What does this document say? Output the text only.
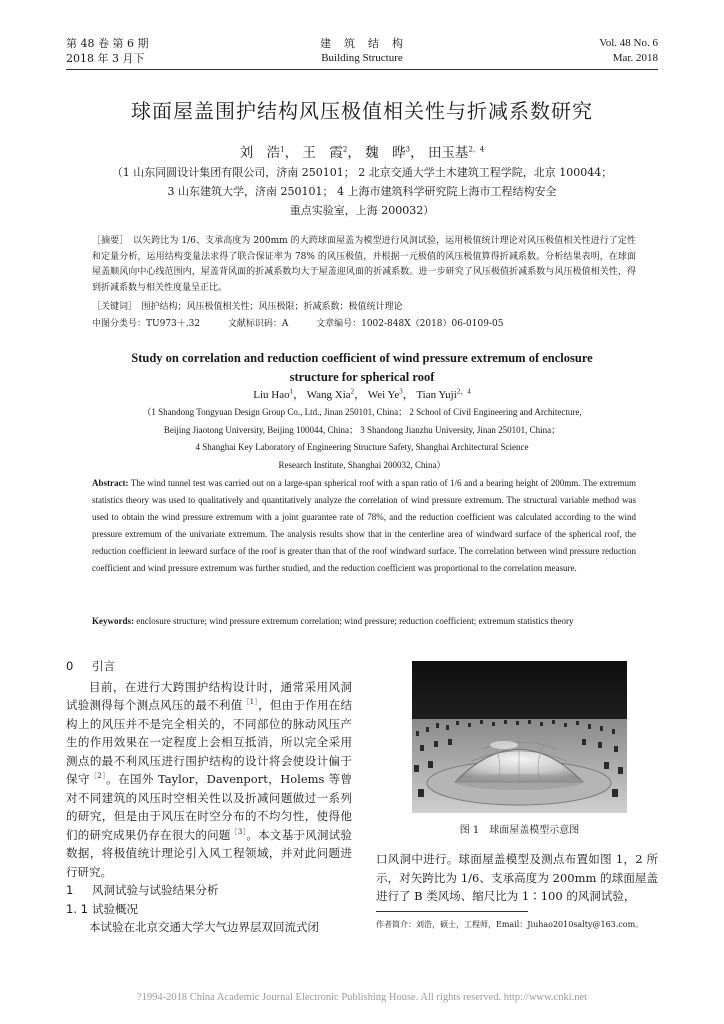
第 48 卷 第 6 期
2018 年 3 月下
建　筑　结　构
Building Structure
Vol. 48 No. 6
Mar. 2018
球面屋盖围护结构风压极值相关性与折减系数研究
刘　浩$^1$， 王　霞$^2$， 魏　晔$^3$， 田玉基$^{2,4}$
（1 山东同圆设计集团有限公司，济南 250101； 2 北京交通大学土木建筑工程学院，北京 100044；
3 山东建筑大学，济南 250101； 4 上海市建筑科学研究院上海市工程结构安全
重点实验室，上海 200032）
［摘要］　 以矢跨比为 1/6、支承高度为 200mm 的大跨球面屋盖为模型进行风洞试验，运用极值统计理论对风压极值相关性进行了定性和定量分析，运用结构变量法求得了联合保证率为 78% 的风压极值，并根据一元极值的风压极值算得折减系数。分析结果表明，在球面屋盖顺风向中心线范围内，屋盖背风面的折减系数均大于屋盖迎风面的折减系数。进一步研究了风压极值折减系数与风压极值相关性，得到折减系数与相关性度量呈正比。
［关键词］　 围护结构；风压极值相关性；风压极限；折减系数；极值统计理论
中图分类号：TU973＋.32	文献标识码：A	文章编号：1002-848X（2018）06-0109-05
Study on correlation and reduction coefficient of wind pressure extremum of enclosure
structure for spherical roof
Liu Hao$^1$， Wang Xia$^2$， Wei Ye$^3$， Tian Yuji$^{2,4}$
（1 Shandong Tongyuan Design Group Co., Ltd., Jinan 250101, China； 2 School of Civil Engineering and Architecture,
Beijing Jiaotong University, Beijing 100044, China； 3 Shandong Jianzhu University, Jinan 250101, China；
4 Shanghai Key Laboratory of Engineering Structure Safety, Shanghai Architectural Science
Research Institute, Shanghai 200032, China）
Abstract: The wind tunnel test was carried out on a large-span spherical roof with a span ratio of 1/6 and a bearing height of 200mm. The extremum statistics theory was used to qualitatively and quantitatively analyze the correlation of wind pressure extremum. The structural variable method was used to obtain the wind pressure extremum with a joint guarantee rate of 78%, and the reduction coefficient was calculated according to the wind pressure extremum of the univariate extremum. The analysis results show that in the centerline area of windward surface of the spherical roof, the reduction coefficient in leeward surface of the roof is greater than that of the roof windward surface. The correlation between wind pressure reduction coefficient and wind pressure extremum was further studied, and the reduction coefficient was proportional to the correlation measure.
Keywords: enclosure structure; wind pressure extremum correlation; wind pressure; reduction coefficient; extremum statistics theory
0 引言
目前，在进行大跨围护结构设计时，通常采用风洞试验测得每个测点风压的最不利值$^{[1]}$，但由于作用在结构上的风压并不是完全相关的，不同部位的脉动风压产生的作用效果在一定程度上会相互抵消，所以完全采用测点的最不利风压进行围护结构的设计将会使设计偏于保守$^{[2]}$。在国外 Taylor，Davenport，Holems 等曾对不同建筑的风压时空相关性以及折减问题做过一系列的研究，但是由于风压在时空分布的不均匀性，使得他们的研究成果仍存在很大的问题$^{[3]}$。本文基于风洞试验数据，将极值统计理论引入风工程领域，并对此问题进行研究。
1 风洞试验与试验结果分析
1. 1 试验概况
本试验在北京交通大学大气边界层双回流式闭
图 1　球面屋盖模型示意图
口风洞中进行。球面屋盖模型及测点布置如图 1，2 所示，对矢跨比为 1/6、支承高度为 200mm 的球面屋盖进行了 B 类风场、缩尺比为 1∶100 的风洞试验，
作者简介：刘浩，硕士，工程师，Email：Jiuhao2010salty@163.com。
?1994-2018 China Academic Journal Electronic Publishing House. All rights reserved. http://www.cnki.net
